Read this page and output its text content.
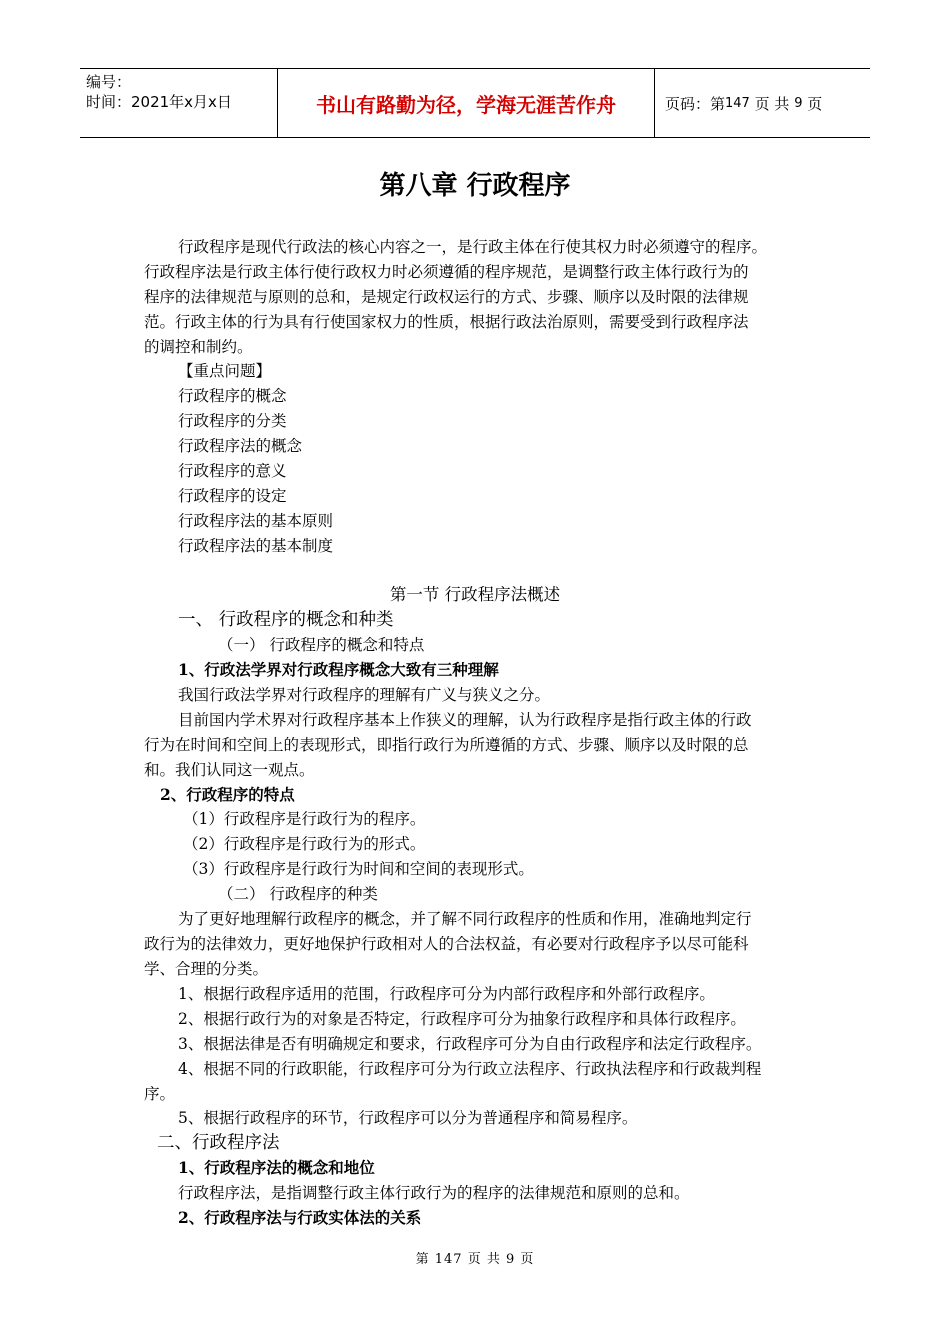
编号：
时间：2021年x月x日	书山有路勤为径，学海无涯苦作舟	页码：第 147
页 共
9
页
第八章 行政程序
行政程序是现代行政法的核心内容之一，是行政主体在行使其权力时必须遵守的程序。
行政程序法是行政主体行使行政权力时必须遵循的程序规范，是调整行政主体行政行为的
程序的法律规范与原则的总和，是规定行政权运行的方式、步骤、顺序以及时限的法律规
范。行政主体的行为具有行使国家权力的性质，根据行政法治原则，需要受到行政程序法
的调控和制约。
【重点问题】
行政程序的概念
行政程序的分类
行政程序法的概念
行政程序的意义
行政程序的设定
行政程序法的基本原则
行政程序法的基本制度
第一节 行政程序法概述
一、 行政程序的概念和种类
（一） 行政程序的概念和特点
1、行政法学界对行政程序概念大致有三种理解
我国行政法学界对行政程序的理解有广义与狭义之分。
目前国内学术界对行政程序基本上作狭义的理解，认为行政程序是指行政主体的行政
行为在时间和空间上的表现形式，即指行政行为所遵循的方式、步骤、顺序以及时限的总
和。我们认同这一观点。
2、行政程序的特点
（1）行政程序是行政行为的程序。
（2）行政程序是行政行为的形式。
（3）行政程序是行政行为时间和空间的表现形式。
（二） 行政程序的种类
为了更好地理解行政程序的概念，并了解不同行政程序的性质和作用，准确地判定行
政行为的法律效力，更好地保护行政相对人的合法权益，有必要对行政程序予以尽可能科
学、合理的分类。
1、根据行政程序适用的范围，行政程序可分为内部行政程序和外部行政程序。
2、根据行政行为的对象是否特定，行政程序可分为抽象行政程序和具体行政程序。
3、根据法律是否有明确规定和要求，行政程序可分为自由行政程序和法定行政程序。
4、根据不同的行政职能，行政程序可分为行政立法程序、行政执法程序和行政裁判程
序。
5、根据行政程序的环节，行政程序可以分为普通程序和简易程序。
二、行政程序法
1、行政程序法的概念和地位
行政程序法，是指调整行政主体行政行为的程序的法律规范和原则的总和。
2、行政程序法与行政实体法的关系
第 147 页 共 9 页
